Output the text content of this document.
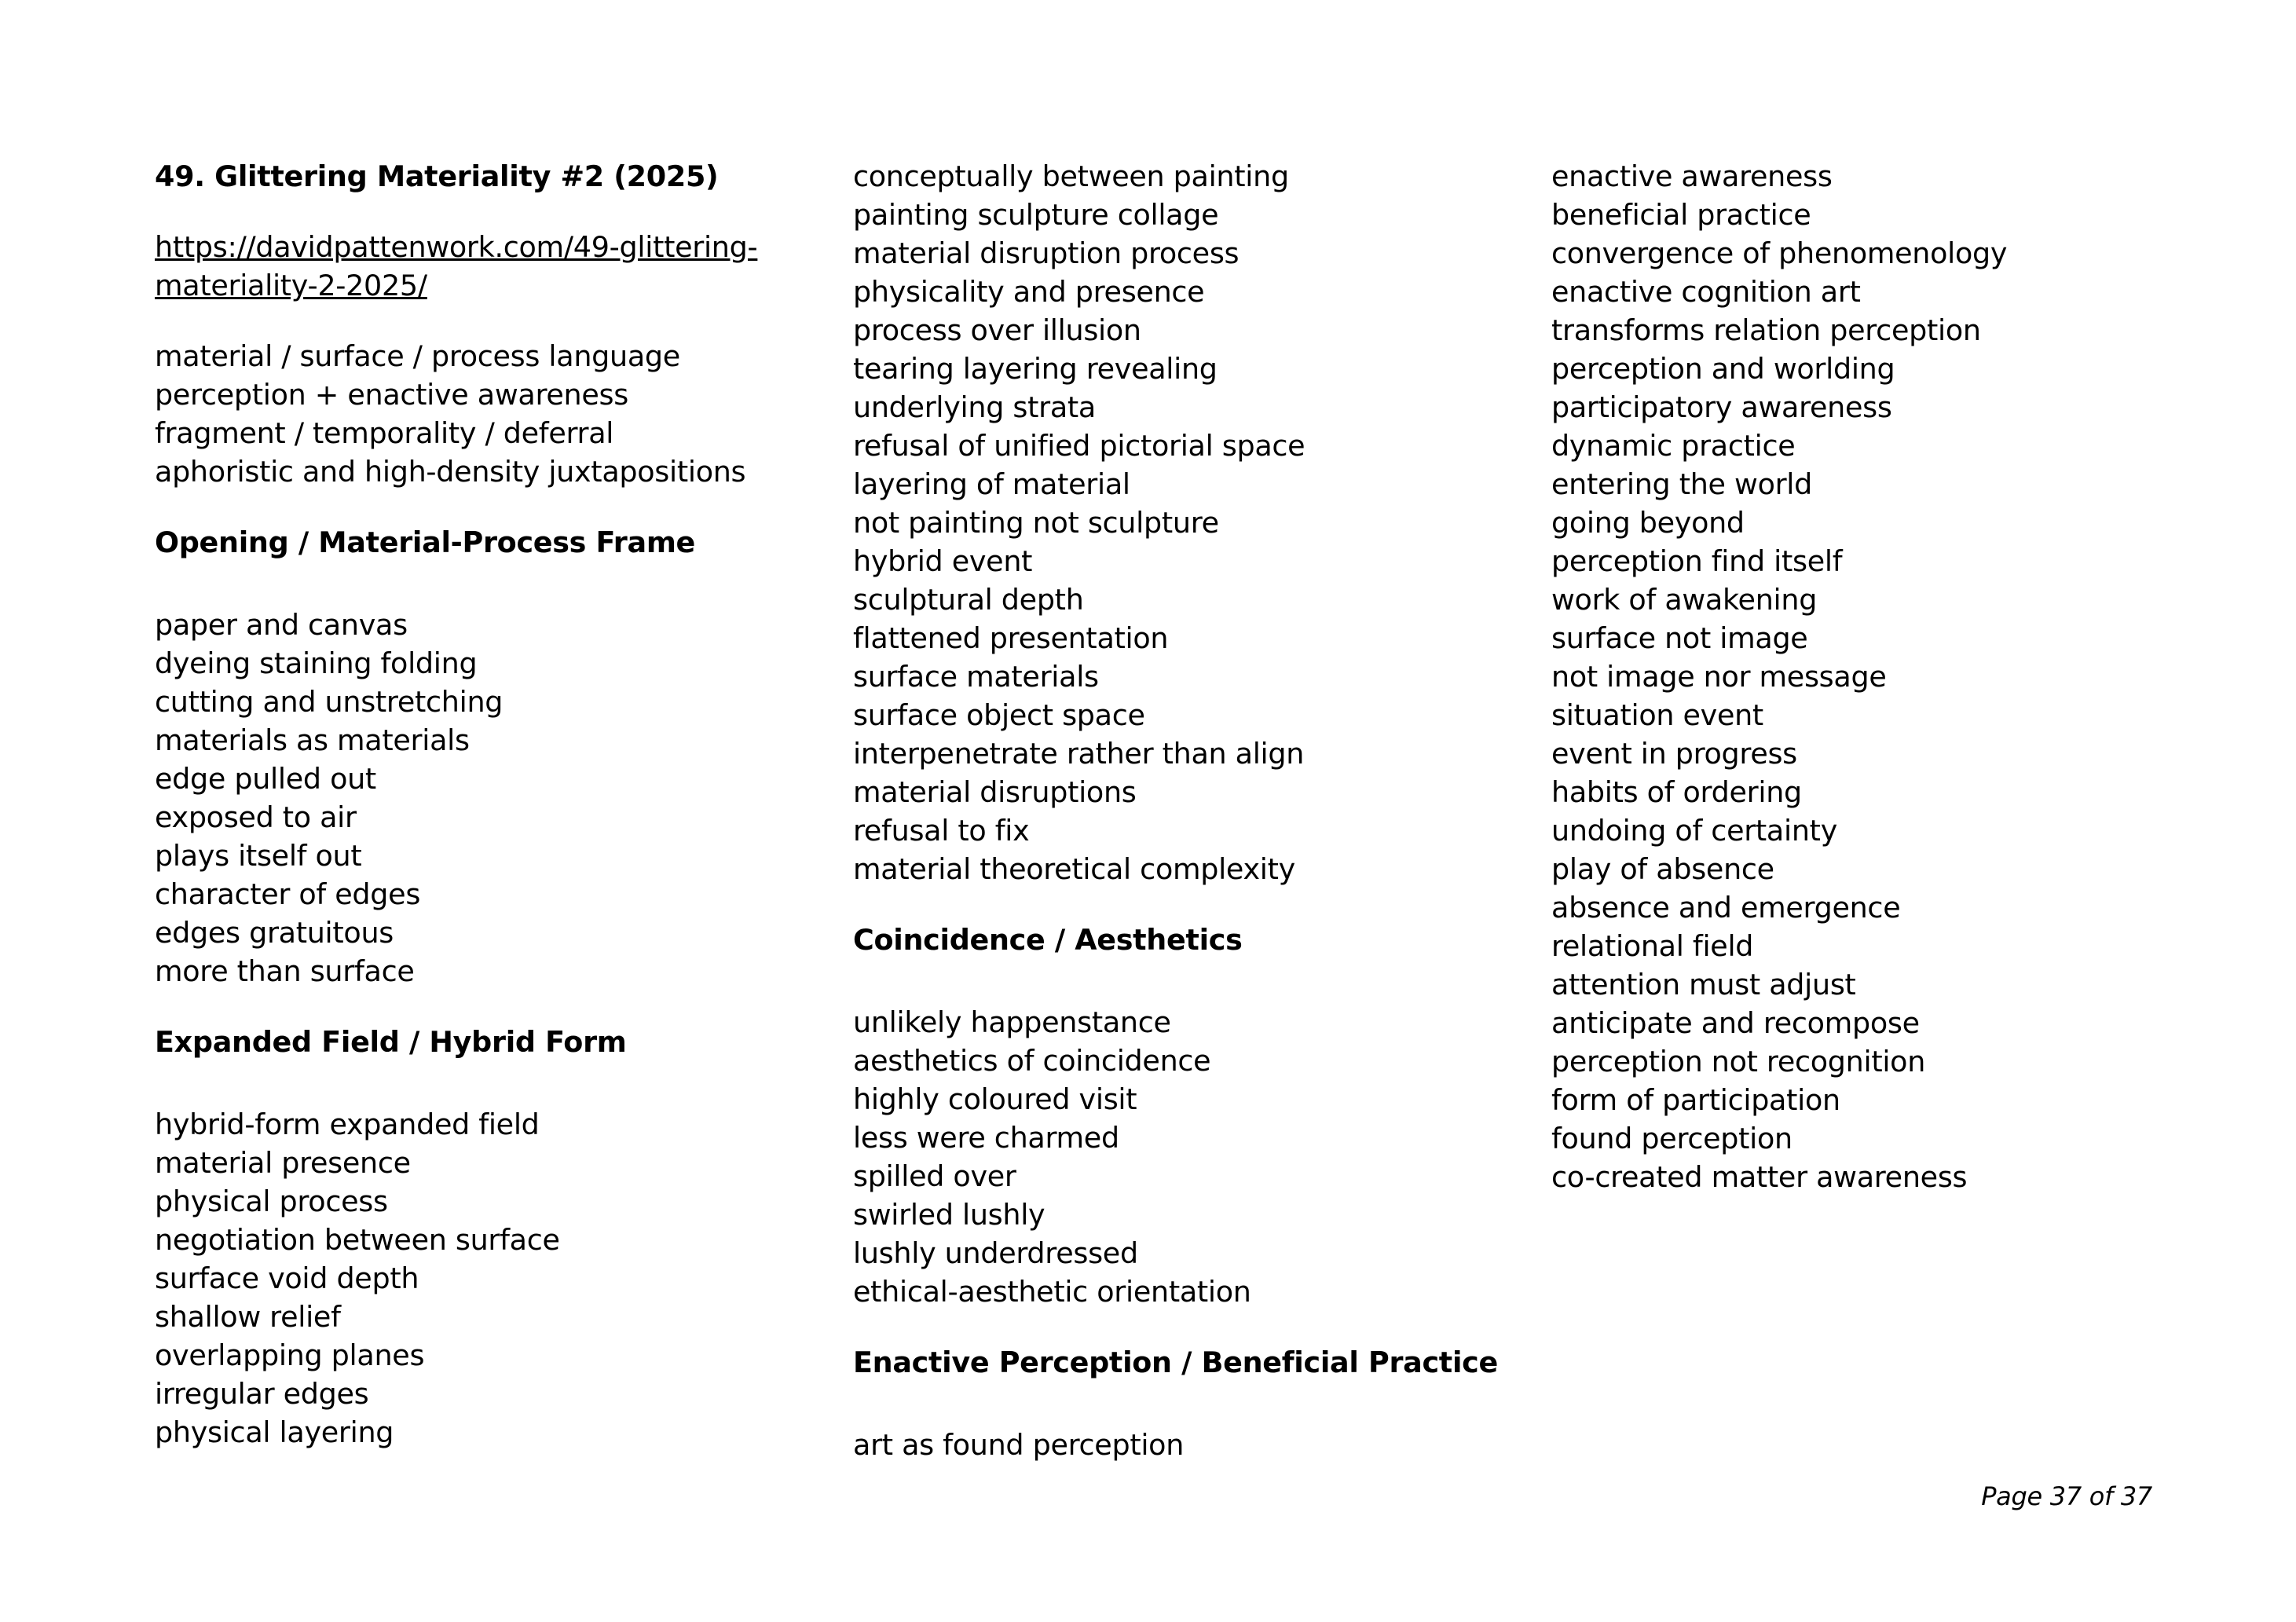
49. Glittering Materiality #2 (2025)
https://davidpattenwork.com/49-glittering-
materiality-2-2025/
material / surface / process language
perception + enactive awareness
fragment / temporality / deferral
aphoristic and high-density juxtapositions
Opening / Material-Process Frame
paper and canvas
dyeing staining folding
cutting and unstretching
materials as materials
edge pulled out
exposed to air
plays itself out
character of edges
edges gratuitous
more than surface
Expanded Field / Hybrid Form
hybrid-form expanded field
material presence
physical process
negotiation between surface
surface void depth
shallow relief
overlapping planes
irregular edges
physical layering
conceptually between painting
painting sculpture collage
material disruption process
physicality and presence
process over illusion
tearing layering revealing
underlying strata
refusal of unified pictorial space
layering of material
not painting not sculpture
hybrid event
sculptural depth
flattened presentation
surface materials
surface object space
interpenetrate rather than align
material disruptions
refusal to fix
material theoretical complexity
Coincidence / Aesthetics
unlikely happenstance
aesthetics of coincidence
highly coloured visit
less were charmed
spilled over
swirled lushly
lushly underdressed
ethical-aesthetic orientation
Enactive Perception / Beneficial Practice
art as found perception
enactive awareness
beneficial practice
convergence of phenomenology
enactive cognition art
transforms relation perception
perception and worlding
participatory awareness
dynamic practice
entering the world
going beyond
perception find itself
work of awakening
surface not image
not image nor message
situation event
event in progress
habits of ordering
undoing of certainty
play of absence
absence and emergence
relational field
attention must adjust
anticipate and recompose
perception not recognition
form of participation
found perception
co-created matter awareness
Page 37 of 37
